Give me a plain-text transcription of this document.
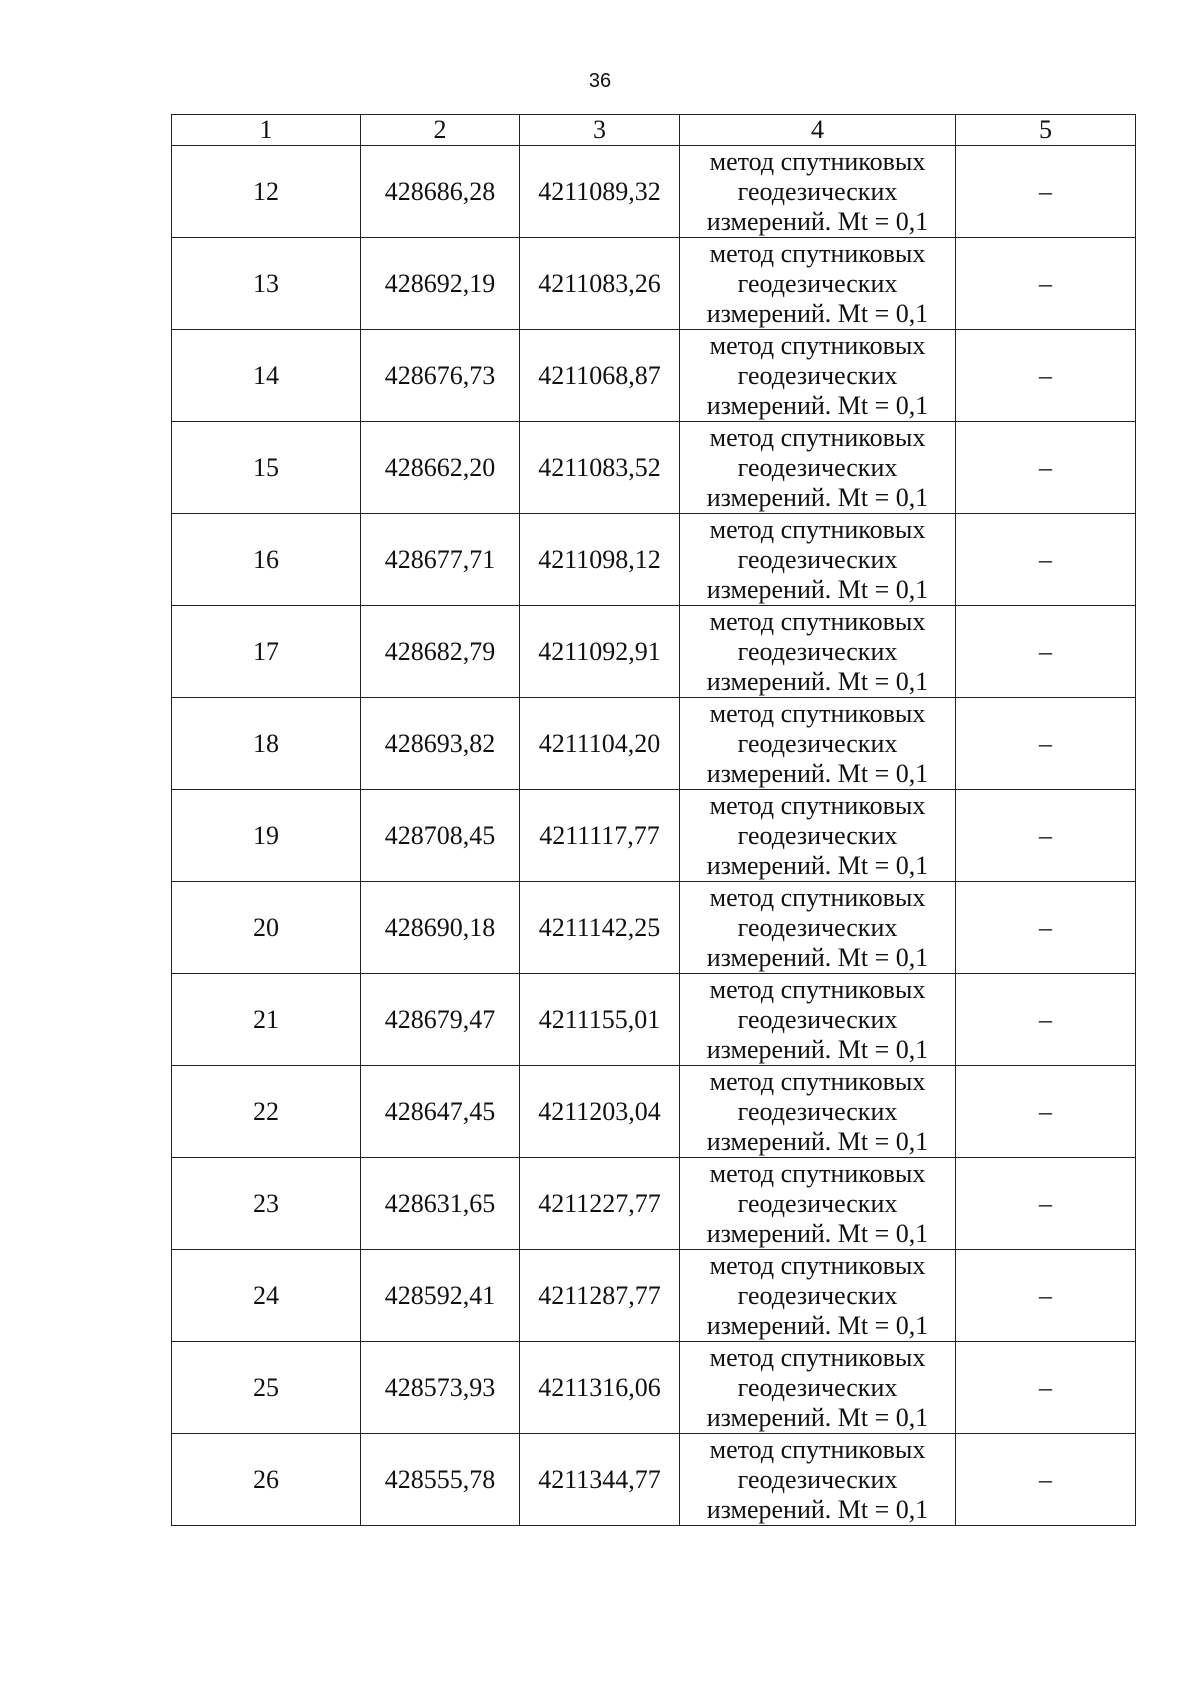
36
1	2	3	4	5
12	428686,28	4211089,32	метод спутниковых
геодезических
измерений. Mt = 0,1	–
13	428692,19	4211083,26	метод спутниковых
геодезических
измерений. Mt = 0,1	–
14	428676,73	4211068,87	метод спутниковых
геодезических
измерений. Mt = 0,1	–
15	428662,20	4211083,52	метод спутниковых
геодезических
измерений. Mt = 0,1	–
16	428677,71	4211098,12	метод спутниковых
геодезических
измерений. Mt = 0,1	–
17	428682,79	4211092,91	метод спутниковых
геодезических
измерений. Mt = 0,1	–
18	428693,82	4211104,20	метод спутниковых
геодезических
измерений. Mt = 0,1	–
19	428708,45	4211117,77	метод спутниковых
геодезических
измерений. Mt = 0,1	–
20	428690,18	4211142,25	метод спутниковых
геодезических
измерений. Mt = 0,1	–
21	428679,47	4211155,01	метод спутниковых
геодезических
измерений. Mt = 0,1	–
22	428647,45	4211203,04	метод спутниковых
геодезических
измерений. Mt = 0,1	–
23	428631,65	4211227,77	метод спутниковых
геодезических
измерений. Mt = 0,1	–
24	428592,41	4211287,77	метод спутниковых
геодезических
измерений. Mt = 0,1	–
25	428573,93	4211316,06	метод спутниковых
геодезических
измерений. Mt = 0,1	–
26	428555,78	4211344,77	метод спутниковых
геодезических
измерений. Mt = 0,1	–
